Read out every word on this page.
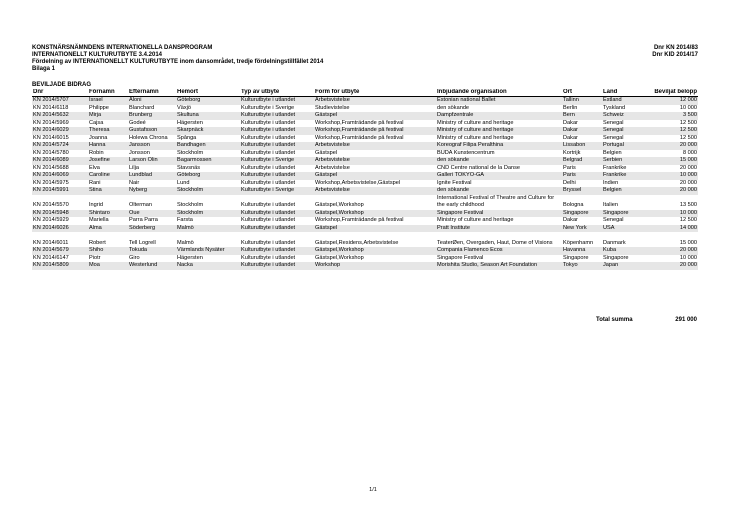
KONSTNÄRSNÄMNDENS INTERNATIONELLA DANSPROGRAM
INTERNATIONELLT KULTURUTBYTE 3.4.2014
Fördelning av INTERNATIONELLT KULTURUTBYTE inom dansområdet, tredje fördelningstillfället 2014
Dnr KN 2014/83
Dnr KID 2014/17
Bilaga 1
BEVILJADE BIDRAG
Dnr	Förnamn	Efternamn	Hemort	Typ av utbyte	Form för utbyte	Inbjudande organisation	Ort	Land	Beviljat belopp
KN 2014/5707	Israel	Aloni	Göteborg	Kulturutbyte i utlandet	Arbetsvistelse	Estonian national Ballet	Tallinn	Estland	12 000
KN 2014/6118	Philippe	Blanchard	Växjö	Kulturutbyte i Sverige	Studievistelse	den sökande	Berlin	Tyskland	10 000
KN 2014/5632	Mirja	Brunberg	Skultuna	Kulturutbyte i utlandet	Gästspel	Dampfzentrale	Bern	Schweiz	3 500
KN 2014/5969	Cajsa	Godeé	Hägersten	Kulturutbyte i utlandet	Workshop,Framträdande på festival	Ministry of culture and heritage	Dakar	Senegal	12 500
KN 2014/6029	Theresa	Gustafsson	Skarpnäck	Kulturutbyte i utlandet	Workshop,Framträdande på festival	Ministry of culture and heritage	Dakar	Senegal	12 500
KN 2014/6015	Joanna	Holewa Chrona	Spånga	Kulturutbyte i utlandet	Workshop,Framträdande på festival	Ministry of culture and heritage	Dakar	Senegal	12 500
KN 2014/5724	Hanna	Jansson	Bandhagen	Kulturutbyte i utlandet	Arbetsvistelse	Koreograf Filipa Peralthina	Lissabon	Portugal	20 000
KN 2014/5780	Robin	Jonsson	Stockholm	Kulturutbyte i utlandet	Gästspel	BUDA Kunstencentrum	Kortrijk	Belgien	8 000
KN 2014/6089	Josefine	Larson Olin	Bagarmossen	Kulturutbyte i Sverige	Arbetsvistelse	den sökande	Belgrad	Serbien	15 000
KN 2014/5688	Elva	Lilja	Stavsnäs	Kulturutbyte i utlandet	Arbetsvistelse	CND Centre national de la Danse	Paris	Frankrike	20 000
KN 2014/6069	Caroline	Lundblad	Göteborg	Kulturutbyte i utlandet	Gästspel	Galleri TOKYO-GA	Paris	Frankrike	10 000
KN 2014/5975	Rani	Nair	Lund	Kulturutbyte i utlandet	Workshop,Arbetsvistelse,Gästspel	Ignite Festival	Delhi	Indien	20 000
KN 2014/5991	Stina	Nyberg	Stockholm	Kulturutbyte i Sverige	Arbetsvistelse	den sökande	Bryssel	Belgien	20 000
KN 2014/5570	Ingrid	Olterman	Stockholm	Kulturutbyte i utlandet	Gästspel,Workshop	International Festival of Theatre and Culture for the early childhood	Bologna	Italien	13 500
KN 2014/5948	Shintaro	Oue	Stockholm	Kulturutbyte i utlandet	Gästspel,Workshop	Singapore Festival	Singapore	Singapore	10 000
KN 2014/5929	Mariella	Parra Parra	Farsta	Kulturutbyte i utlandet	Workshop,Framträdande på festival	Ministry of culture and heritage	Dakar	Senegal	12 500
KN 2014/6026	Alma	Söderberg	Malmö	Kulturutbyte i utlandet	Gästspel	Pratt Institute	New York	USA	14 000
KN 2014/6011	Robert	Tell Logrell	Malmö	Kulturutbyte i utlandet	Gästspel,Residens,Arbetsvistelse	TeaterØen, Overgaden, Haut, Dome of Visions	Köpenhamn	Danmark	15 000
KN 2014/5679	Shiho	Tokuda	Värmlands Nysäter	Kulturutbyte i utlandet	Gästspel,Workshop	Compania Flamenco Ecos	Havanna	Kuba	20 000
KN 2014/6147	Piotr	Giro	Hägersten	Kulturutbyte i utlandet	Gästspel,Workshop	Singapore Festival	Singapore	Singapore	10 000
KN 2014/5809	Moa	Westerlund	Nacka	Kulturutbyte i utlandet	Workshop	Morishita Studio, Season Art Foundation	Tokyo	Japan	20 000
Total summa	291 000
1/1
